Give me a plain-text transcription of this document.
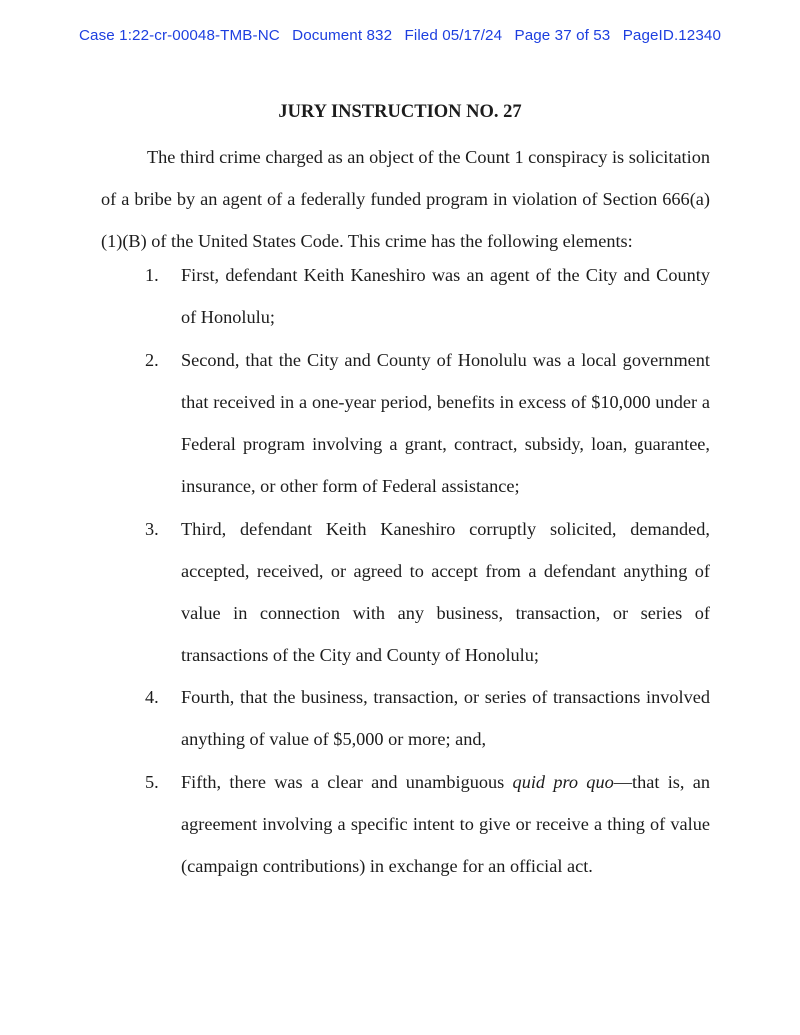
Case 1:22-cr-00048-TMB-NC Document 832 Filed 05/17/24 Page 37 of 53 PageID.12340
JURY INSTRUCTION NO. 27

The third crime charged as an object of the Count 1 conspiracy is solicitation of a bribe by an agent of a federally funded program in violation of Section 666(a)(1)(B) of the United States Code. This crime has the following elements:

1.	First, defendant Keith Kaneshiro was an agent of the City and County of Honolulu;

2.	Second, that the City and County of Honolulu was a local government that received in a one-year period, benefits in excess of $10,000 under a Federal program involving a grant, contract, subsidy, loan, guarantee, insurance, or other form of Federal assistance;

3.	Third, defendant Keith Kaneshiro corruptly solicited, demanded, accepted, received, or agreed to accept from a defendant anything of value in connection with any business, transaction, or series of transactions of the City and County of Honolulu;

4.	Fourth, that the business, transaction, or series of transactions involved anything of value of $5,000 or more; and,

5.	Fifth, there was a clear and unambiguous quid pro quo—that is, an agreement involving a specific intent to give or receive a thing of value (campaign contributions) in exchange for an official act.
